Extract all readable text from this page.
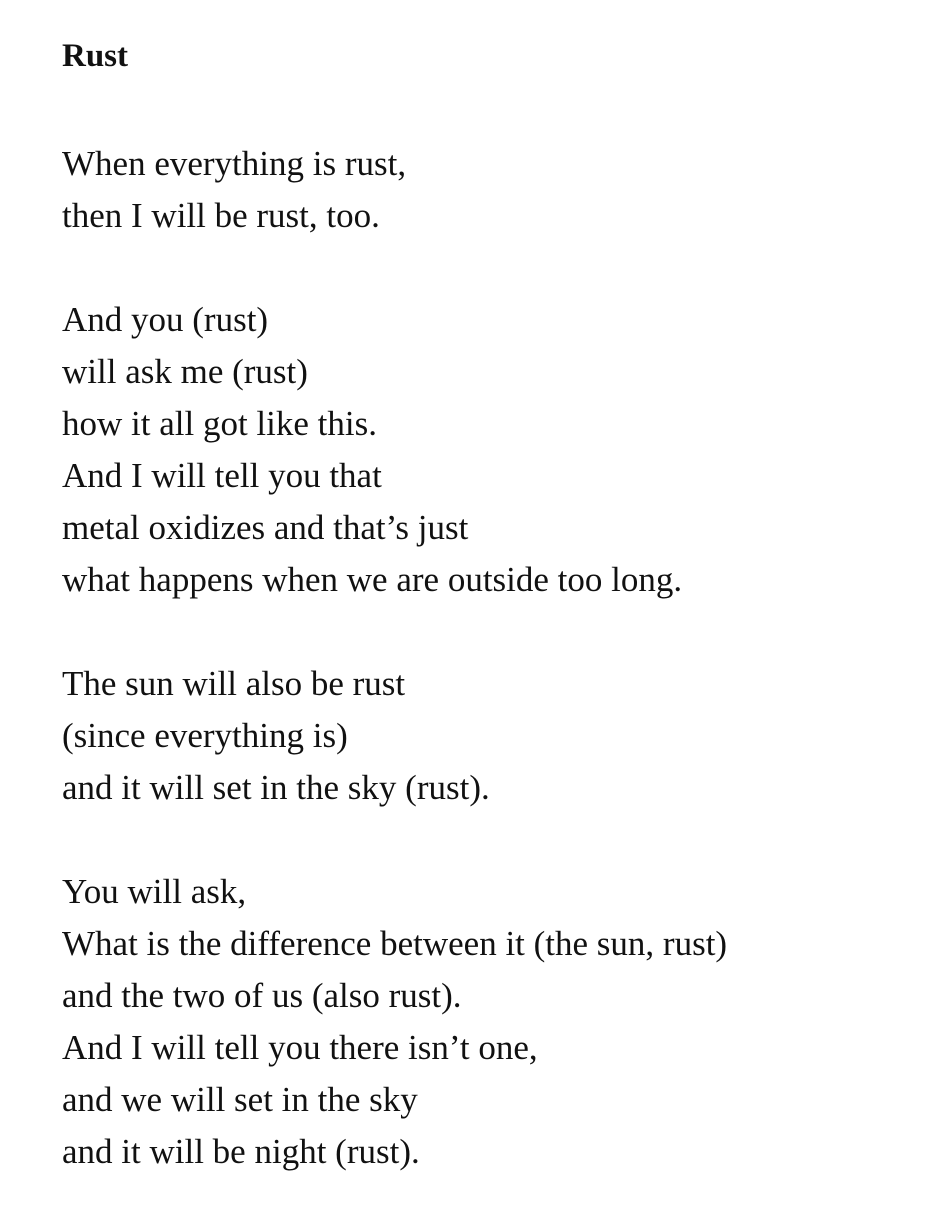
Rust
When everything is rust,
then I will be rust, too.
And you (rust)
will ask me (rust)
how it all got like this.
And I will tell you that
metal oxidizes and that’s just
what happens when we are outside too long.
The sun will also be rust
(since everything is)
and it will set in the sky (rust).
You will ask,
What is the difference between it (the sun, rust)
and the two of us (also rust).
And I will tell you there isn’t one,
and we will set in the sky
and it will be night (rust).
